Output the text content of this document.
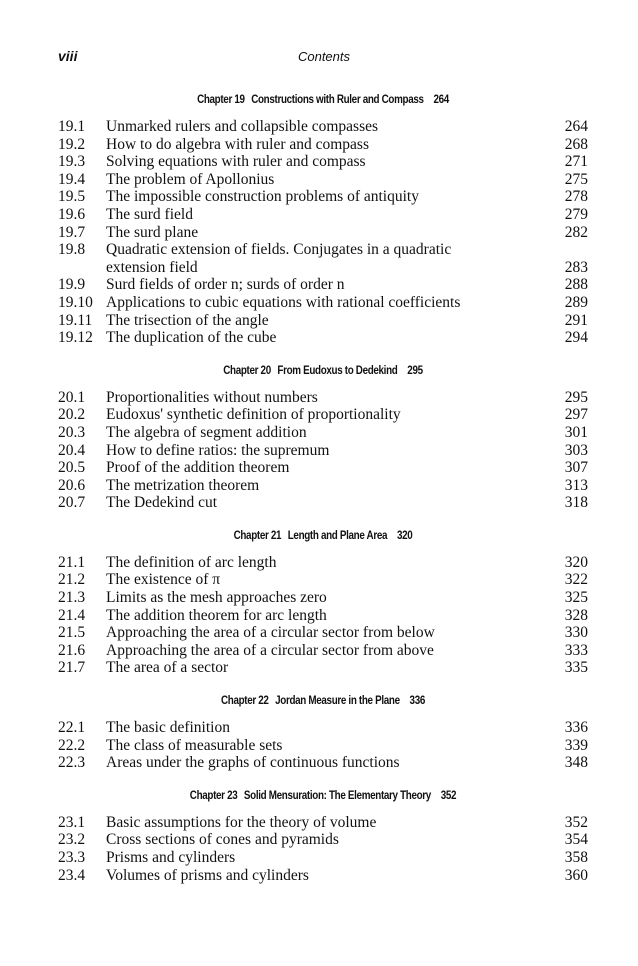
viii	Contents
Chapter 19 Constructions with Ruler and Compass 264
19.1	Unmarked rulers and collapsible compasses	264
19.2	How to do algebra with ruler and compass	268
19.3	Solving equations with ruler and compass	271
19.4	The problem of Apollonius	275
19.5	The impossible construction problems of antiquity	278
19.6	The surd field	279
19.7	The surd plane	282
19.8	Quadratic extension of fields. Conjugates in a quadratic
extension field	283
19.9	Surd fields of order n; surds of order n	288
19.10 Applications to cubic equations with rational coefficients	289
19.11 The trisection of the angle	291
19.12 The duplication of the cube	294
Chapter 20 From Eudoxus to Dedekind 295
20.1	Proportionalities without numbers	295
20.2	Eudoxus' synthetic definition of proportionality	297
20.3	The algebra of segment addition	301
20.4	How to define ratios: the supremum	303
20.5	Proof of the addition theorem	307
20.6	The metrization theorem	313
20.7	The Dedekind cut	318
Chapter 21 Length and Plane Area 320
21.1	The definition of arc length	320
21.2	The existence of π	322
21.3	Limits as the mesh approaches zero	325
21.4	The addition theorem for arc length	328
21.5	Approaching the area of a circular sector from below	330
21.6	Approaching the area of a circular sector from above	333
21.7	The area of a sector	335
Chapter 22 Jordan Measure in the Plane 336
22.1	The basic definition	336
22.2	The class of measurable sets	339
22.3	Areas under the graphs of continuous functions	348
Chapter 23 Solid Mensuration: The Elementary Theory 352
23.1	Basic assumptions for the theory of volume	352
23.2	Cross sections of cones and pyramids	354
23.3	Prisms and cylinders	358
23.4	Volumes of prisms and cylinders	360
